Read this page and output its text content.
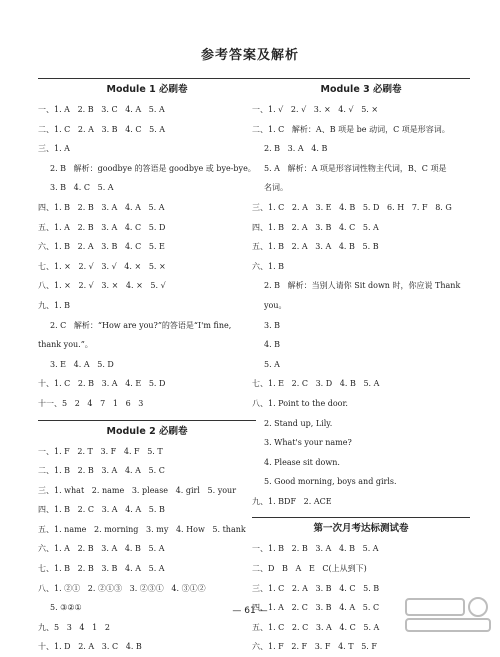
参考答案及解析
Module 1 必刷卷
一、1. A   2. B   3. C   4. A   5. A
二、1. C   2. A   3. B   4. C   5. A
三、1. A
2. B   解析：goodbye 的答语是 goodbye 或 bye-bye。
3. B   4. C   5. A
四、1. B   2. B   3. A   4. A   5. A
五、1. A   2. B   3. A   4. C   5. D
六、1. B   2. A   3. B   4. C   5. E
七、1. ×   2. √   3. √   4. ×   5. ×
八、1. ×   2. √   3. ×   4. ×   5. √
九、1. B
2. C   解析：“How are you?”的答语是“I'm fine,
thank you.”。
3. E   4. A   5. D
十、1. C   2. B   3. A   4. E   5. D
十一、5   2   4   7   1   6   3
Module 2 必刷卷
一、1. F   2. T   3. F   4. F   5. T
二、1. B   2. B   3. A   4. A   5. C
三、1. what   2. name   3. please   4. girl   5. your
四、1. B   2. C   3. A   4. A   5. B
五、1. name   2. morning   3. my   4. How   5. thank
六、1. A   2. B   3. A   4. B   5. A
七、1. B   2. B   3. B   4. A   5. A
八、1. ②①   2. ②①③   3. ②③①   4. ③①②
5. ③②①
九、5   3   4   1   2
十、1. D   2. A   3. C   4. B
Module 3 必刷卷
一、1. √   2. √   3. ×   4. √   5. ×
二、1. C   解析：A、B 项是 be 动词，C 项是形容词。
2. B   3. A   4. B
5. A   解析：A 项是形容词性物主代词，B、C 项是
名词。
三、1. C   2. A   3. E   4. B   5. D   6. H   7. F   8. G
四、1. B   2. A   3. B   4. C   5. A
五、1. B   2. A   3. A   4. B   5. B
六、1. B
2. B   解析：当别人请你 Sit down 时，你应说 Thank
you。
3. B
4. B
5. A
七、1. E   2. C   3. D   4. B   5. A
八、1. Point to the door.
2. Stand up, Lily.
3. What's your name?
4. Please sit down.
5. Good morning, boys and girls.
九、1. BDF   2. ACE
第一次月考达标测试卷
一、1. B   2. B   3. A   4. B   5. A
二、D   B   A   E   C(上从到下)
三、1. C   2. A   3. B   4. C   5. B
四、1. A   2. C   3. B   4. A   5. C
五、1. C   2. C   3. A   4. C   5. A
六、1. F   2. F   3. F   4. T   5. F
— 61 —
